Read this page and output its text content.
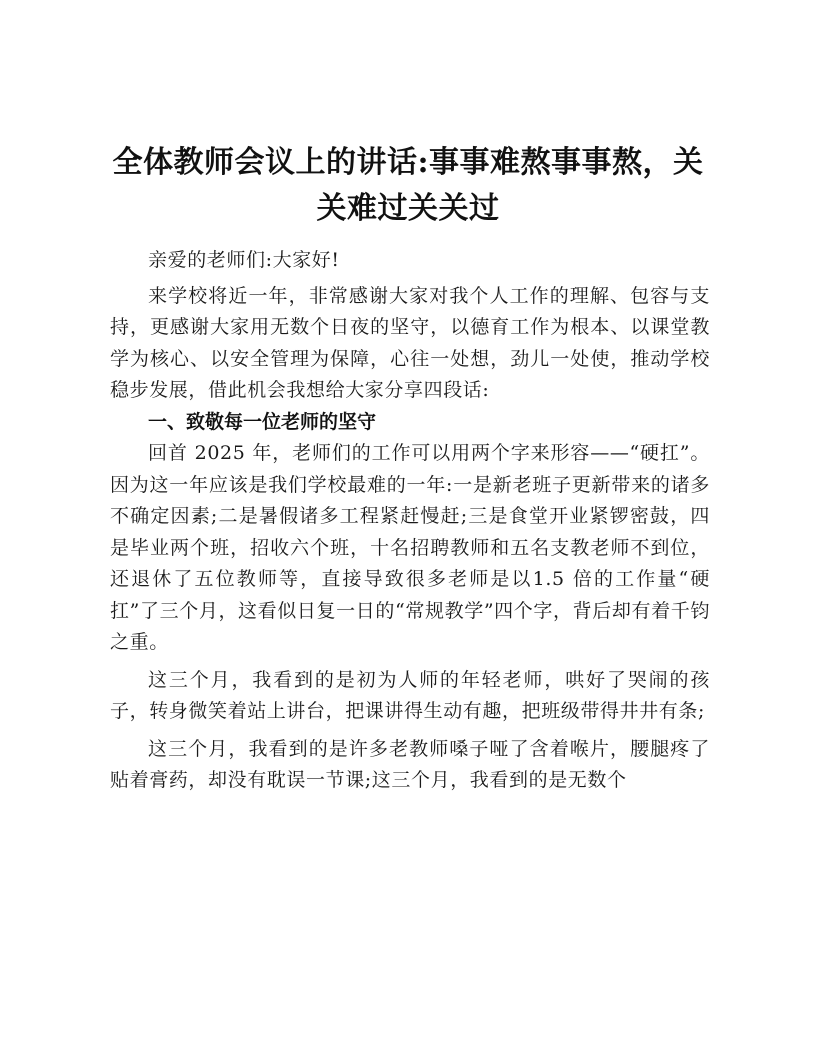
全体教师会议上的讲话:事事难熬事事熬，关关难过关关过

亲爱的老师们:大家好!

来学校将近一年，非常感谢大家对我个人工作的理解、包容与支持，更感谢大家用无数个日夜的坚守，以德育工作为根本、以课堂教学为核心、以安全管理为保障，心往一处想，劲儿一处使，推动学校稳步发展，借此机会我想给大家分享四段话:

一、致敬每一位老师的坚守

回首 2025 年，老师们的工作可以用两个字来形容——“硬扛”。因为这一年应该是我们学校最难的一年:一是新老班子更新带来的诸多不确定因素;二是暑假诸多工程紧赶慢赶;三是食堂开业紧锣密鼓，四是毕业两个班，招收六个班，十名招聘教师和五名支教老师不到位，还退休了五位教师等，直接导致很多老师是以1.5 倍的工作量“硬扛”了三个月，这看似日复一日的“常规教学”四个字，背后却有着千钧之重。

这三个月，我看到的是初为人师的年轻老师，哄好了哭闹的孩子，转身微笑着站上讲台，把课讲得生动有趣，把班级带得井井有条;

这三个月，我看到的是许多老教师嗓子哑了含着喉片，腰腿疼了贴着膏药，却没有耽误一节课;这三个月，我看到的是无数个
